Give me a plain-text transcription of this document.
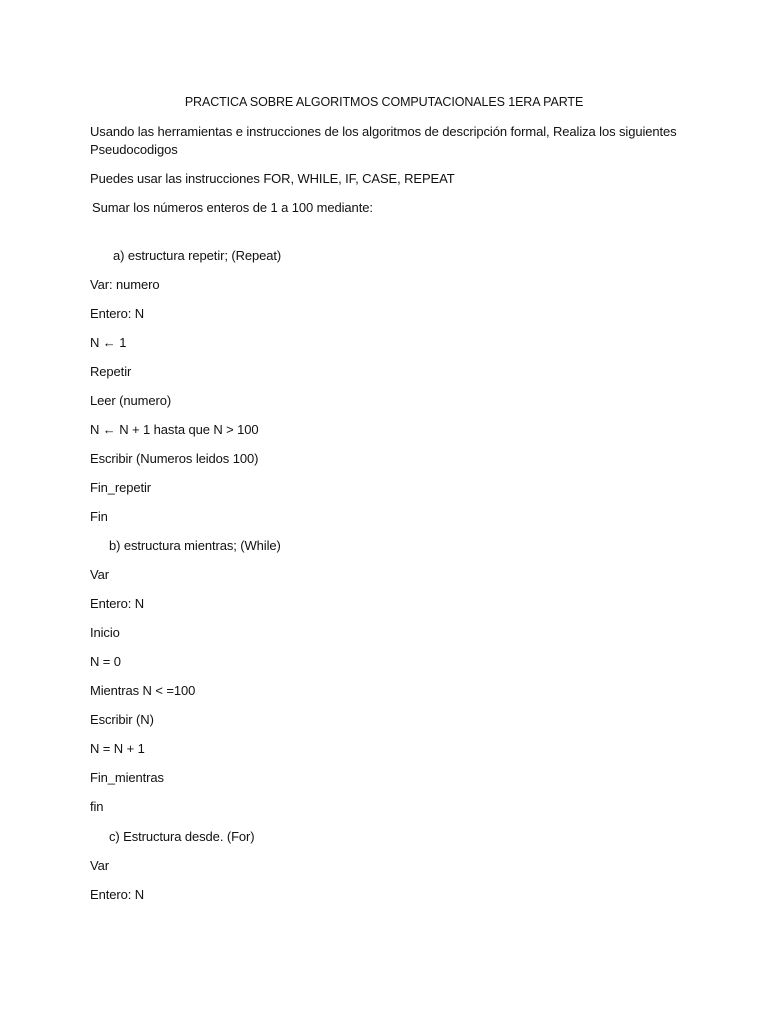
PRACTICA SOBRE ALGORITMOS COMPUTACIONALES 1ERA PARTE
Usando las herramientas e instrucciones de los algoritmos de descripción formal, Realiza los siguientes
Pseudocodigos
Puedes usar las instrucciones FOR, WHILE, IF, CASE, REPEAT
Sumar los números enteros de 1 a 100 mediante:
a) estructura repetir; (Repeat)
Var: numero
Entero: N
N ← 1
Repetir
Leer (numero)
N ← N + 1 hasta que N > 100
Escribir (Numeros leidos 100)
Fin_repetir
Fin
b) estructura mientras; (While)
Var
Entero: N
Inicio
N = 0
Mientras N < =100
Escribir (N)
N = N + 1
Fin_mientras
fin
c) Estructura desde. (For)
Var
Entero: N
